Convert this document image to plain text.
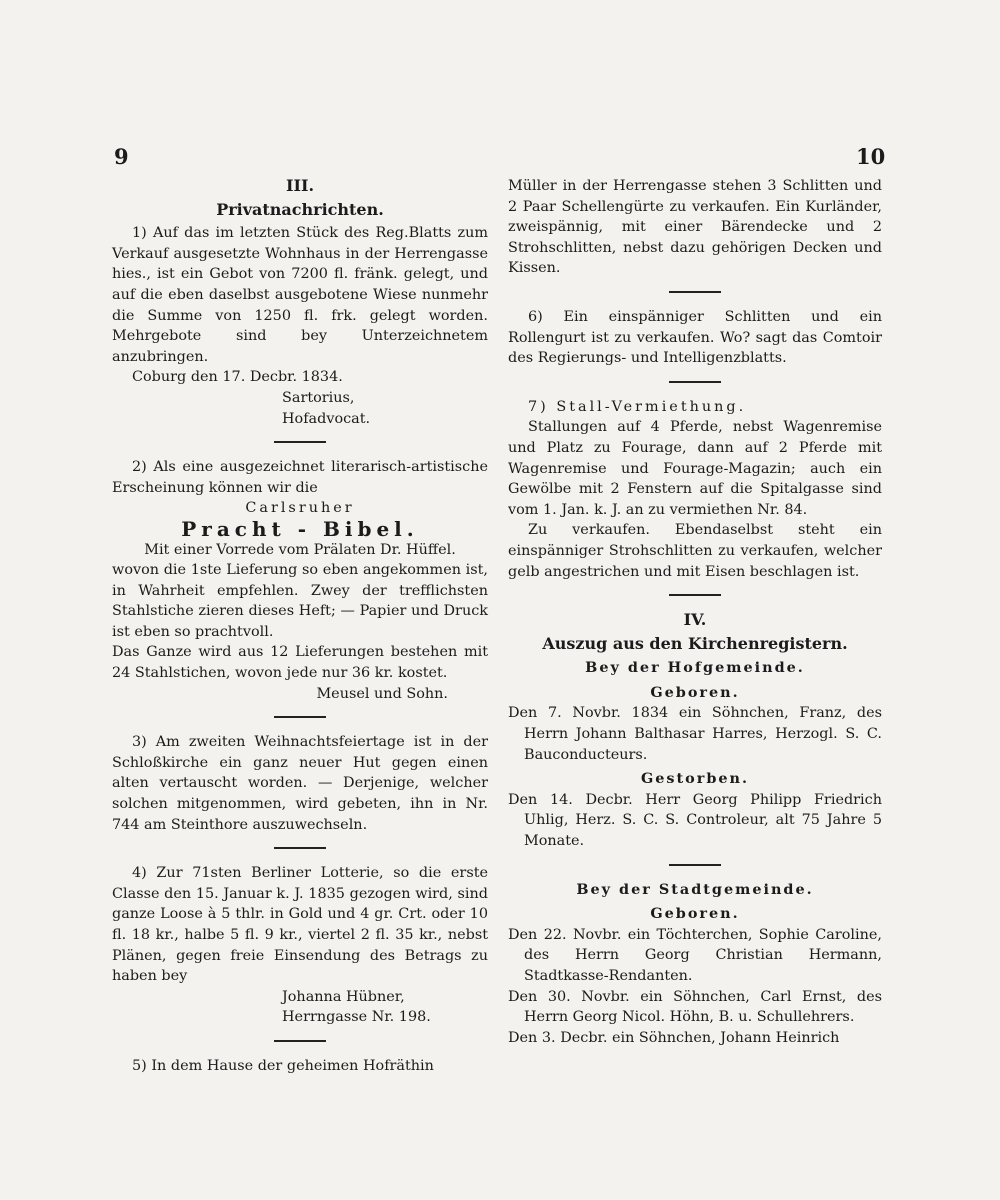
9	10

III.

Privatnachrichten.

1) Auf das im letzten Stück des Reg.Blatts zum Verkauf ausgesetzte Wohnhaus in der Herrengasse hies., ist ein Gebot von 7200 fl. fränk. gelegt, und auf die eben daselbst ausgebotene Wiese nunmehr die Summe von 1250 fl. frk. gelegt worden. Mehrgebote sind bey Unterzeichnetem anzubringen.

Coburg den 17. Decbr. 1834.

Sartorius,

Hofadvocat.

2) Als eine ausgezeichnet literarisch-artistische Erscheinung können wir die

Carlsruher

Pracht - Bibel.

Mit einer Vorrede vom Prälaten Dr. Hüffel.

wovon die 1ste Lieferung so eben angekommen ist, in Wahrheit empfehlen. Zwey der trefflichsten Stahlstiche zieren dieses Heft; — Papier und Druck ist eben so prachtvoll.

Das Ganze wird aus 12 Lieferungen bestehen mit 24 Stahlstichen, wovon jede nur 36 kr. kostet.

Meusel und Sohn.

3) Am zweiten Weihnachtsfeiertage ist in der Schloßkirche ein ganz neuer Hut gegen einen alten vertauscht worden. — Derjenige, welcher solchen mitgenommen, wird gebeten, ihn in Nr. 744 am Steinthore auszuwechseln.

4) Zur 71sten Berliner Lotterie, so die erste Classe den 15. Januar k. J. 1835 gezogen wird, sind ganze Loose à 5 thlr. in Gold und 4 gr. Crt. oder 10 fl. 18 kr., halbe 5 fl. 9 kr., viertel 2 fl. 35 kr., nebst Plänen, gegen freie Einsendung des Betrags zu haben bey

Johanna Hübner,

Herrngasse Nr. 198.

5) In dem Hause der geheimen Hofräthin

Müller in der Herrengasse stehen 3 Schlitten und 2 Paar Schellengürte zu verkaufen. Ein Kurländer, zweispännig, mit einer Bärendecke und 2 Strohschlitten, nebst dazu gehörigen Decken und Kissen.

6) Ein einspänniger Schlitten und ein Rollengurt ist zu verkaufen. Wo? sagt das Comtoir des Regierungs- und Intelligenzblatts.

7) Stall-Vermiethung.

Stallungen auf 4 Pferde, nebst Wagenremise und Platz zu Fourage, dann auf 2 Pferde mit Wagenremise und Fourage-Magazin; auch ein Gewölbe mit 2 Fenstern auf die Spitalgasse sind vom 1. Jan. k. J. an zu vermiethen Nr. 84.

Zu verkaufen. Ebendaselbst steht ein einspänniger Strohschlitten zu verkaufen, welcher gelb angestrichen und mit Eisen beschlagen ist.

IV.

Auszug aus den Kirchenregistern.

Bey der Hofgemeinde.

Geboren.

Den 7. Novbr. 1834 ein Söhnchen, Franz, des Herrn Johann Balthasar Harres, Herzogl. S. C. Bauconducteurs.

Gestorben.

Den 14. Decbr. Herr Georg Philipp Friedrich Uhlig, Herz. S. C. S. Controleur, alt 75 Jahre 5 Monate.

Bey der Stadtgemeinde.

Geboren.

Den 22. Novbr. ein Töchterchen, Sophie Caroline, des Herrn Georg Christian Hermann, Stadtkasse-Rendanten.

Den 30. Novbr. ein Söhnchen, Carl Ernst, des Herrn Georg Nicol. Höhn, B. u. Schullehrers.

Den 3. Decbr. ein Söhnchen, Johann Heinrich
